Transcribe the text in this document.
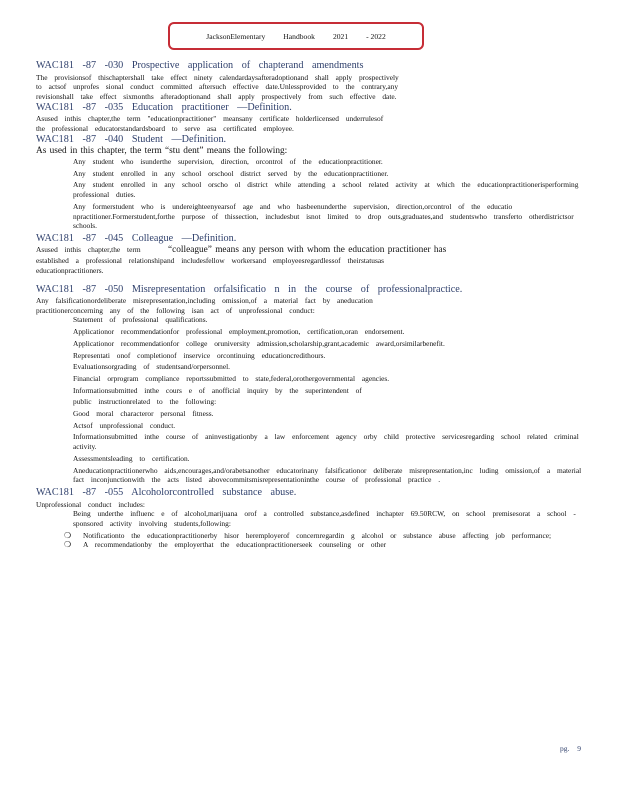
JacksonElementary Handbook 2021 - 2022

WAC181 -87 -030 Prospective application of chapterand amendments

The provisionsof thischaptershall take effect ninety calendardaysafteradoptionand shall apply prospectively

to actsof unprofes sional conduct committed aftersuch effective date.Unlessprovided to the contrary,any

revisionshall take effect sixmonths afteradoptionand shall apply prospectively from such effective date.

WAC181 -87 -035 Education practitioner —Definition.

Asused inthis chapter,the term "educationpractitioner" meansany certificate holderlicensed underrulesof

the professional educatorstandardsboard to serve asa certificated employee.

WAC181 -87 -040 Student —Definition.

As used in this chapter, the term “stu dent” means the following:

Any student who isunderthe supervision, direction, orcontrol of the educationpractitioner.
Any student enrolled in any school orschool district served by the educationpractitioner.
Any student enrolled in any school orscho ol district while attending a school related activity at which the educationpractitionerisperforming professional duties.
Any formerstudent who is undereighteenyearsof age and who hasbeenunderthe supervision, direction,orcontrol of the educatio npractitioner.Formerstudent,forthe purpose of thissection, includesbut isnot limited to drop outs,graduates,and studentswho transferto otherdistrictsor schools.

WAC181 -87 -045 Colleague —Definition.

Asused inthis chapter,the term	“colleague” means any person with whom the education practitioner has

established a professional relationshipand includesfellow workersand employeesregardlessof theirstatusas

educationpractitioners.

WAC181 -87 -050 Misrepresentation orfalsificatio n in the course of professionalpractice.

Any falsificationordeliberate misrepresentation,including omission,of a material fact by aneducation

practitionerconcerning any of the following isan act of unprofessional conduct:

Statement of professional qualifications.
Applicationor recommendationfor professional employment,promotion, certification,oran endorsement.
Applicationor recommendationfor college oruniversity admission,scholarship,grant,academic award,orsimilarbenefit.
Representati onof completionof inservice orcontinuing educationcredithours.
Evaluationsorgrading of studentsand/orpersonnel.
Financial orprogram compliance reportssubmitted to state,federal,orothergovernmental agencies.
Informationsubmitted inthe cours e of anofficial inquiry by the superintendent of
public instructionrelated to the following:
Good moral characteror personal fitness.
Actsof unprofessional conduct.
Informationsubmitted inthe course of aninvestigationby a law enforcement agency orby child protective servicesregarding school related criminal activity.
Assessmentsleading to certification.
Aneducationpractitionerwho aids,encourages,and/orabetsanother educatorinany falsificationor deliberate misrepresentation,inc luding omission,of a material fact inconjunctionwith the acts listed abovecommitsmisrepresentationinthe course of professional practice .

WAC181 -87 -055 Alcoholorcontrolled substance abuse.

Unprofessional conduct includes:

Being underthe influenc e of alcohol,marijuana orof a controlled substance,asdefined inchapter 69.50RCW, on school premisesorat a school -sponsored activity involving students,following:
❍ Notificationto the educationpractitionerby hisor heremployerof concernregardin g alcohol or substance abuse affecting job performance;
❍ A recommendationby the employerthat the educationpractitionerseek counseling or other
pg. 9
